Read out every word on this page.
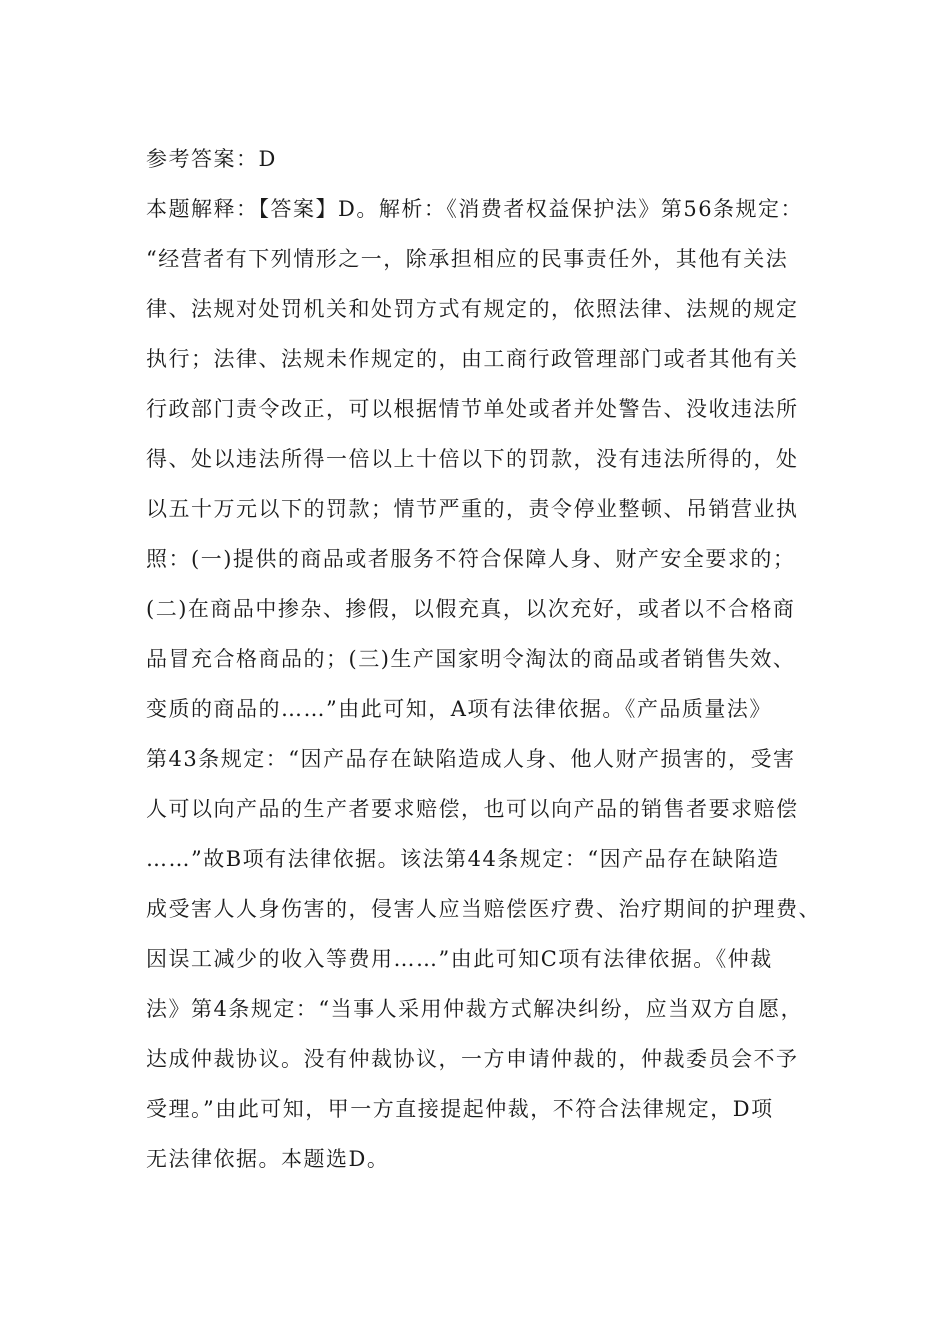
参考答案：D
本题解释：【答案】D。解析：《消费者权益保护法》第56条规定：
“经营者有下列情形之一，除承担相应的民事责任外，其他有关法
律、法规对处罚机关和处罚方式有规定的，依照法律、法规的规定
执行；法律、法规未作规定的，由工商行政管理部门或者其他有关
行政部门责令改正，可以根据情节单处或者并处警告、没收违法所
得、处以违法所得一倍以上十倍以下的罚款，没有违法所得的，处
以五十万元以下的罚款；情节严重的，责令停业整顿、吊销营业执
照：(一)提供的商品或者服务不符合保障人身、财产安全要求的；
(二)在商品中掺杂、掺假，以假充真，以次充好，或者以不合格商
品冒充合格商品的；(三)生产国家明令淘汰的商品或者销售失效、
变质的商品的……”由此可知，A项有法律依据。《产品质量法》
第43条规定：“因产品存在缺陷造成人身、他人财产损害的，受害
人可以向产品的生产者要求赔偿，也可以向产品的销售者要求赔偿
……”故B项有法律依据。该法第44条规定：“因产品存在缺陷造
成受害人人身伤害的，侵害人应当赔偿医疗费、治疗期间的护理费、
因误工减少的收入等费用……”由此可知C项有法律依据。《仲裁
法》第4条规定：“当事人采用仲裁方式解决纠纷，应当双方自愿，
达成仲裁协议。没有仲裁协议，一方申请仲裁的，仲裁委员会不予
受理。”由此可知，甲一方直接提起仲裁，不符合法律规定，D项
无法律依据。本题选D。
